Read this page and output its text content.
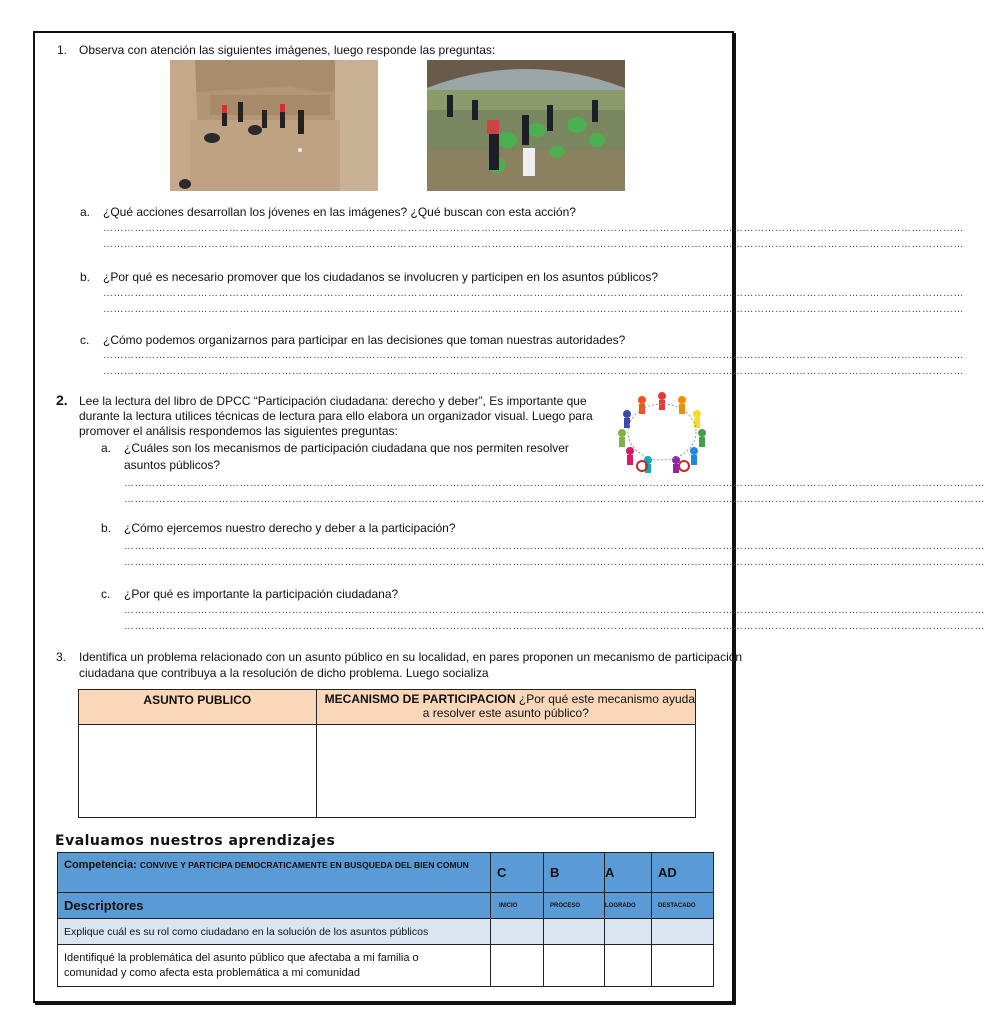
1. Observa con atención las siguientes imágenes, luego responde las preguntas:
a. ¿Qué acciones desarrollan los jóvenes en las imágenes? ¿Qué buscan con esta acción?
…………………………………………………………………………………………………………………………………………………………………………………………………………………………
…………………………………………………………………………………………………………………………………………………………………………………………………………………………
b. ¿Por qué es necesario promover que los ciudadanos se involucren y participen en los asuntos públicos?
…………………………………………………………………………………………………………………………………………………………………………………………………………………………
…………………………………………………………………………………………………………………………………………………………………………………………………………………………
c. ¿Cómo podemos organizarnos para participar en las decisiones que toman nuestras autoridades?
…………………………………………………………………………………………………………………………………………………………………………………………………………………………
…………………………………………………………………………………………………………………………………………………………………………………………………………………………
2. Lee la lectura del libro de DPCC “Participación ciudadana: derecho y deber”, Es importante que
durante la lectura utilices técnicas de lectura para ello elabora un organizador visual. Luego para
promover el análisis respondemos las siguientes preguntas:
a. ¿Cuáles son los mecanismos de participación ciudadana que nos permiten resolver
asuntos públicos?
…………………………………………………………………………………………………………………………………………………………………………………………………………………………
…………………………………………………………………………………………………………………………………………………………………………………………………………………………
b. ¿Cómo ejercemos nuestro derecho y deber a la participación?
…………………………………………………………………………………………………………………………………………………………………………………………………………………………
…………………………………………………………………………………………………………………………………………………………………………………………………………………………
c. ¿Por qué es importante la participación ciudadana?
…………………………………………………………………………………………………………………………………………………………………………………………………………………………
…………………………………………………………………………………………………………………………………………………………………………………………………………………………
3. Identifica un problema relacionado con un asunto público en su localidad, en pares proponen un mecanismo de participación
ciudadana que contribuya a la resolución de dicho problema. Luego socializa
ASUNTO PUBLICO	MECANISMO DE PARTICIPACION ¿Por qué este mecanismo ayuda
a resolver este asunto público?

Evaluamos nuestros aprendizajes
Competencia: CONVIVE Y PARTICIPA DEMOCRATICAMENTE EN BUSQUEDA DEL BIEN COMUN	C	B	A	AD
Descriptores	INICIO	PROCESO	LOGRADO	DESTACADO
Explique cuál es su rol como ciudadano en la solución de los asuntos públicos				

Identifiqué la problemática del asunto público que afectaba a mi familia o
comunidad y como afecta esta problemática a mi comunidad				
